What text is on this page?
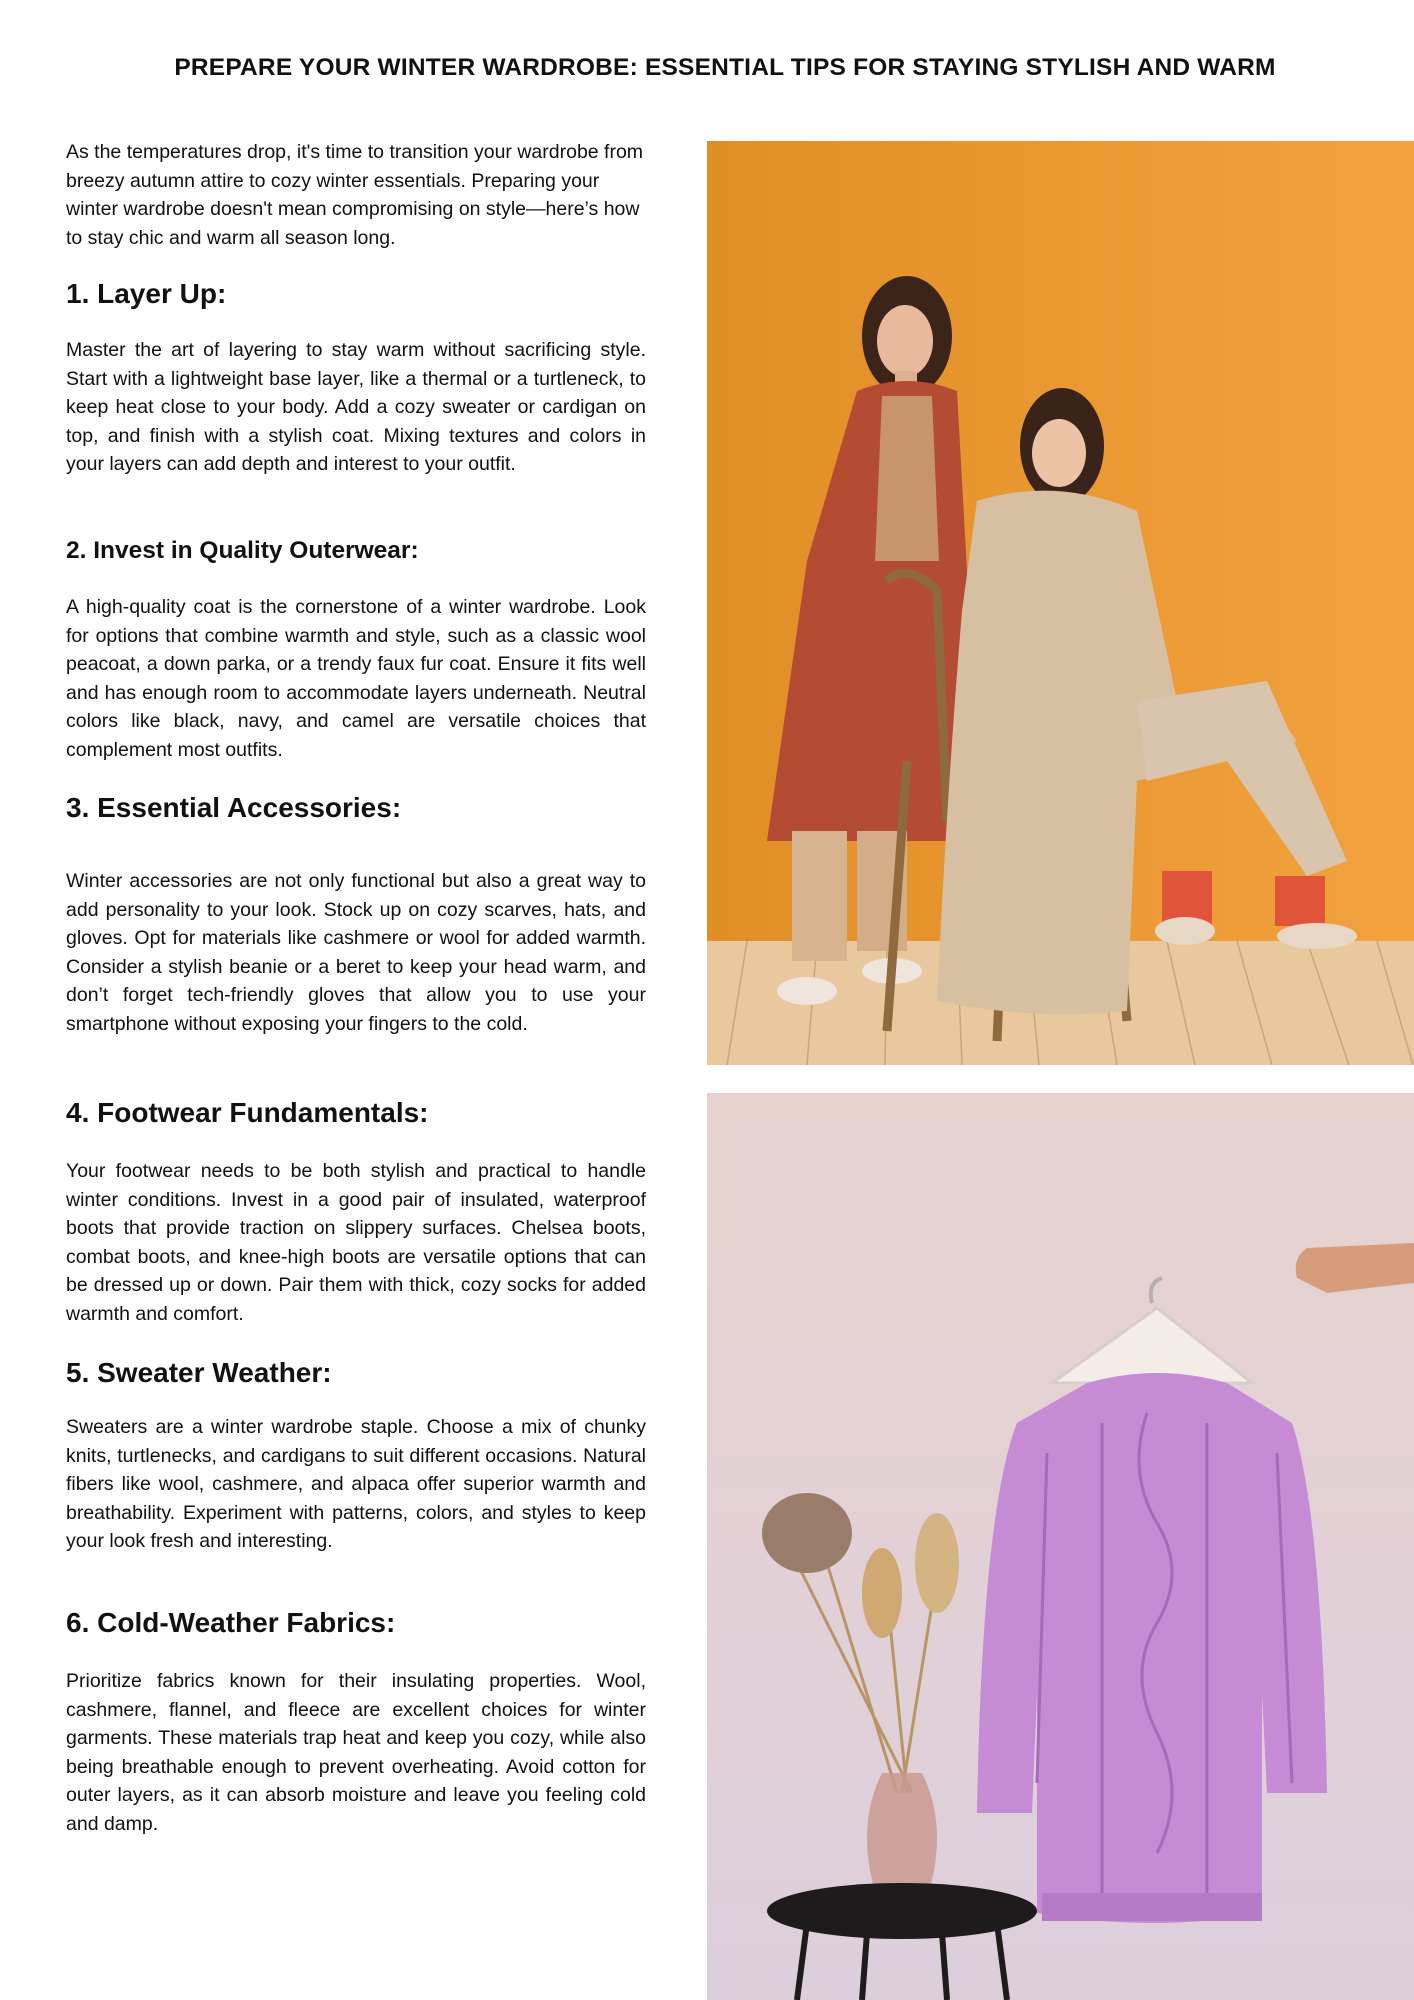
PREPARE YOUR WINTER WARDROBE: ESSENTIAL TIPS FOR STAYING STYLISH AND WARM

As the temperatures drop, it's time to transition your wardrobe from breezy autumn attire to cozy winter essentials. Preparing your winter wardrobe doesn't mean compromising on style—here’s how to stay chic and warm all season long.

1. Layer Up:

Master the art of layering to stay warm without sacrificing style. Start with a lightweight base layer, like a thermal or a turtleneck, to keep heat close to your body. Add a cozy sweater or cardigan on top, and finish with a stylish coat. Mixing textures and colors in your layers can add depth and interest to your outfit.

2. Invest in Quality Outerwear:

A high-quality coat is the cornerstone of a winter wardrobe. Look for options that combine warmth and style, such as a classic wool peacoat, a down parka, or a trendy faux fur coat. Ensure it fits well and has enough room to accommodate layers underneath. Neutral colors like black, navy, and camel are versatile choices that complement most outfits.

3. Essential Accessories:

Winter accessories are not only functional but also a great way to add personality to your look. Stock up on cozy scarves, hats, and gloves. Opt for materials like cashmere or wool for added warmth. Consider a stylish beanie or a beret to keep your head warm, and don’t forget tech-friendly gloves that allow you to use your smartphone without exposing your fingers to the cold.

4. Footwear Fundamentals:

Your footwear needs to be both stylish and practical to handle winter conditions. Invest in a good pair of insulated, waterproof boots that provide traction on slippery surfaces. Chelsea boots, combat boots, and knee-high boots are versatile options that can be dressed up or down. Pair them with thick, cozy socks for added warmth and comfort.

5. Sweater Weather:

Sweaters are a winter wardrobe staple. Choose a mix of chunky knits, turtlenecks, and cardigans to suit different occasions. Natural fibers like wool, cashmere, and alpaca offer superior warmth and breathability. Experiment with patterns, colors, and styles to keep your look fresh and interesting.

6. Cold-Weather Fabrics:

Prioritize fabrics known for their insulating properties. Wool, cashmere, flannel, and fleece are excellent choices for winter garments. These materials trap heat and keep you cozy, while also being breathable enough to prevent overheating. Avoid cotton for outer layers, as it can absorb moisture and leave you feeling cold and damp.
